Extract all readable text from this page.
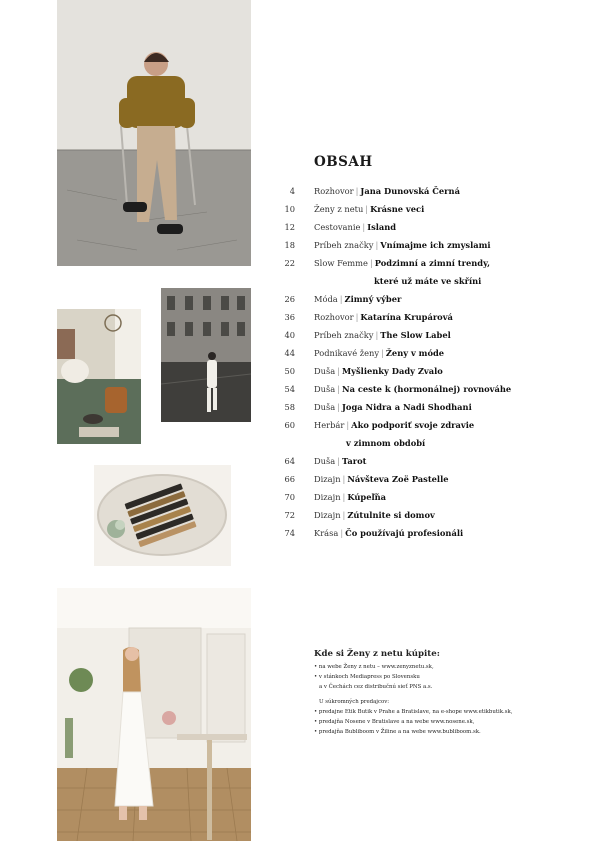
OBSAH
4	Rozhovor | Jana Dunovská Černá
10	Ženy z netu | Krásne veci
12	Cestovanie | Island
18	Príbeh značky | Vnímajme ich zmyslami
22	Slow Femme | Podzimní a zimní trendy,
které už máte ve skříni
26	Móda | Zimný výber
36	Rozhovor | Katarína Krupárová
40	Príbeh značky | The Slow Label
44	Podnikavé ženy | Ženy v móde
50	Duša | Myšlienky Dady Zvalo
54	Duša | Na ceste k (hormonálnej) rovnováhe
58	Duša | Joga Nidra a Nadi Shodhani
60	Herbár | Ako podporiť svoje zdravie
v zimnom období
64	Duša | Tarot
66	Dizajn | Návšteva Zoë Pastelle
70	Dizajn | Kúpeľňa
72	Dizajn | Zútulnite si domov
74	Krása | Čo používajú profesionáli
Kde si Ženy z netu kúpite:
• na webe Ženy z netu – www.zenyznetu.sk,
• v stánkoch Mediapress po Slovensku
a v Čechách cez distribučnú sieť PNS a.s.
U súkromných predajcov:
• predajne Etik Butik v Prahe a Bratislave, na e-shope www.etikbutik.sk,
• predajňa Nosene v Bratislave a na webe www.nosene.sk,
• predajňa Bubliboom v Žiline a na webe www.bubliboom.sk.
